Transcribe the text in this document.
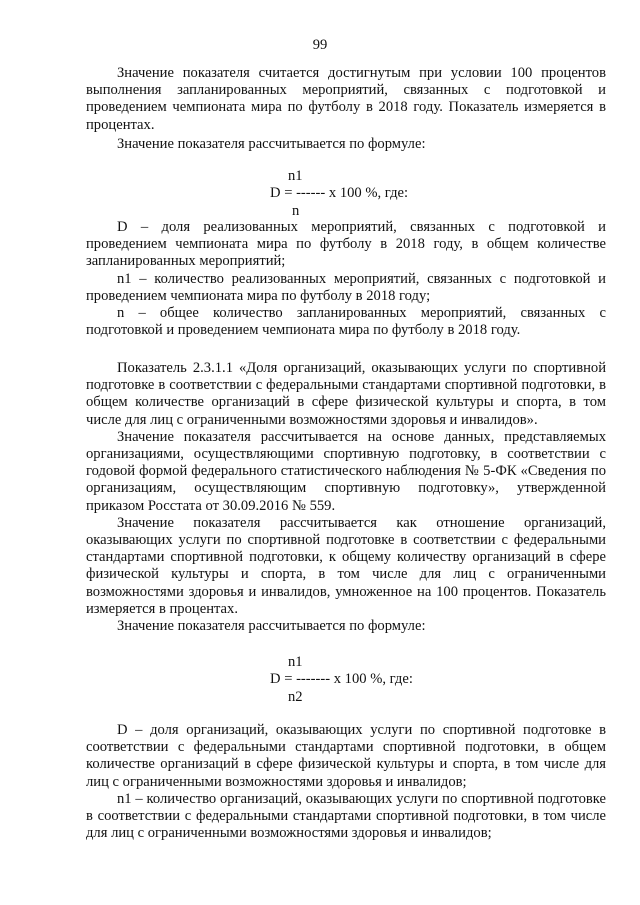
99

Значение показателя считается достигнутым при условии 100 процентов выполнения запланированных мероприятий, связанных с подготовкой и проведением чемпионата мира по футболу в 2018 году. Показатель измеряется в процентах.

Значение показателя рассчитывается по формуле:

n1
D = ------ x 100 %, где:
n

D – доля реализованных мероприятий, связанных с подготовкой и проведением чемпионата мира по футболу в 2018 году, в общем количестве запланированных мероприятий;

n1 – количество реализованных мероприятий, связанных с подготовкой и проведением чемпионата мира по футболу в 2018 году;

n – общее количество запланированных мероприятий, связанных с подготовкой и проведением чемпионата мира по футболу в 2018 году.

Показатель 2.3.1.1 «Доля организаций, оказывающих услуги по спортивной подготовке в соответствии с федеральными стандартами спортивной подготовки, в общем количестве организаций в сфере физической культуры и спорта, в том числе для лиц с ограниченными возможностями здоровья и инвалидов».

Значение показателя рассчитывается на основе данных, представляемых организациями, осуществляющими спортивную подготовку, в соответствии с годовой формой федерального статистического наблюдения № 5-ФК «Сведения по организациям, осуществляющим спортивную подготовку», утвержденной приказом Росстата от 30.09.2016 № 559.

Значение показателя рассчитывается как отношение организаций, оказывающих услуги по спортивной подготовке в соответствии с федеральными стандартами спортивной подготовки, к общему количеству организаций в сфере физической культуры и спорта, в том числе для лиц с ограниченными возможностями здоровья и инвалидов, умноженное на 100 процентов. Показатель измеряется в процентах.

Значение показателя рассчитывается по формуле:

n1
D = ------- x 100 %, где:
n2

D – доля организаций, оказывающих услуги по спортивной подготовке в соответствии с федеральными стандартами спортивной подготовки, в общем количестве организаций в сфере физической культуры и спорта, в том числе для лиц с ограниченными возможностями здоровья и инвалидов;

n1 – количество организаций, оказывающих услуги по спортивной подготовке в соответствии с федеральными стандартами спортивной подготовки, в том числе для лиц с ограниченными возможностями здоровья и инвалидов;
